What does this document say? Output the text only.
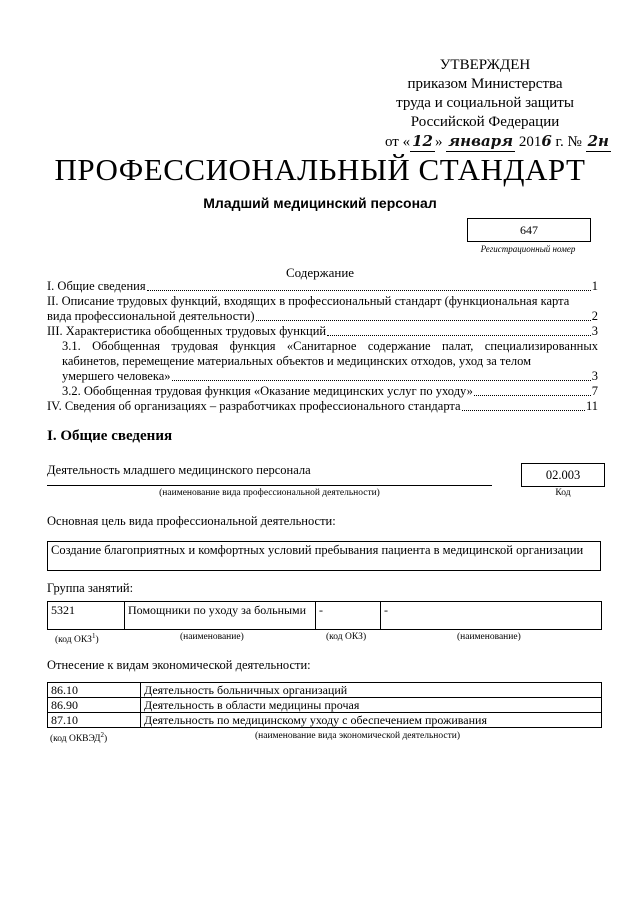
УТВЕРЖДЕН
приказом Министерства
труда и социальной защиты
Российской Федерации
от « 12 » января 2016 г. № 2н
ПРОФЕССИОНАЛЬНЫЙ СТАНДАРТ
Младший медицинский персонал
647
Регистрационный номер
Содержание
I. Общие сведения	1
II. Описание трудовых функций, входящих в профессиональный стандарт (функциональная карта
вида профессиональной деятельности)	2
III. Характеристика обобщенных трудовых функций	3
3.1. Обобщенная трудовая функция «Санитарное содержание палат, специализированных кабинетов, перемещение материальных объектов и медицинских отходов, уход за телом
умершего человека»	3
3.2. Обобщенная трудовая функция «Оказание медицинских услуг по уходу»	7
IV. Сведения об организациях – разработчиках профессионального стандарта	11
I. Общие сведения
Деятельность младшего медицинского персонала
(наименование вида профессиональной деятельности)
02.003
Код
Основная цель вида профессиональной деятельности:
Создание благоприятных и комфортных условий пребывания пациента в медицинской организации
Группа занятий:
5321	Помощники по уходу за больными	-	-
(код ОКЗ$^1$)	(наименование)	(код ОКЗ)	(наименование)
Отнесение к видам экономической деятельности:
86.10	Деятельность больничных организаций
86.90	Деятельность в области медицины прочая
87.10	Деятельность по медицинскому уходу с обеспечением проживания
(код ОКВЭД$^2$)	(наименование вида экономической деятельности)
